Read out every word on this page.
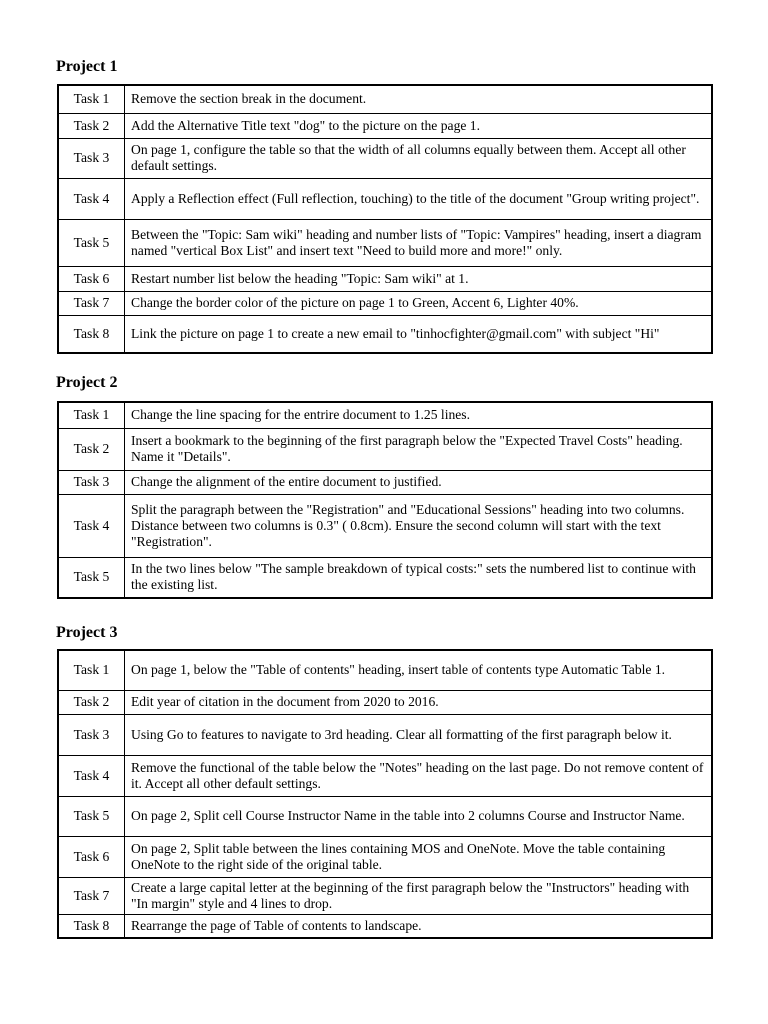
Project 1
Task 1	Remove the section break in the document.
Task 2	Add the Alternative Title text "dog" to the picture on the page 1.
Task 3	On page 1, configure the table so that the width of all columns equally between them. Accept all other default settings.
Task 4	Apply a Reflection effect (Full reflection, touching) to the title of the document "Group writing project".
Task 5	Between the "Topic: Sam wiki" heading and number lists of "Topic: Vampires" heading, insert a diagram named "vertical Box List" and insert text "Need to build more and more!" only.
Task 6	Restart number list below the heading "Topic: Sam wiki" at 1.
Task 7	Change the border color of the picture on page 1 to Green, Accent 6, Lighter 40%.
Task 8	Link the picture on page 1 to create a new email to "tinhocfighter@gmail.com" with subject "Hi"
Project 2
Task 1	Change the line spacing for the entrire document to 1.25 lines.
Task 2	Insert a bookmark to the beginning of the first paragraph below the "Expected Travel Costs" heading. Name it "Details".
Task 3	Change the alignment of the entire document to justified.
Task 4	Split the paragraph between the "Registration" and "Educational Sessions" heading into two columns. Distance between two columns is 0.3" ( 0.8cm). Ensure the second column will start with the text "Registration".
Task 5	In the two lines below "The sample breakdown of typical costs:" sets the numbered list to continue with the existing list.
Project 3
Task 1	On page 1, below the "Table of contents" heading, insert table of contents type Automatic Table 1.
Task 2	Edit year of citation in the document from 2020 to 2016.
Task 3	Using Go to features to navigate to 3rd heading. Clear all formatting of the first paragraph below it.
Task 4	Remove the functional of the table below the "Notes" heading on the last page. Do not remove content of it. Accept all other default settings.
Task 5	On page 2, Split cell Course Instructor Name in the table into 2 columns Course and Instructor Name.
Task 6	On page 2, Split table between the lines containing MOS and OneNote. Move the table containing OneNote to the right side of the original table.
Task 7	Create a large capital letter at the beginning of the first paragraph below the "Instructors" heading with "In margin" style and 4 lines to drop.
Task 8	Rearrange the page of Table of contents to landscape.
